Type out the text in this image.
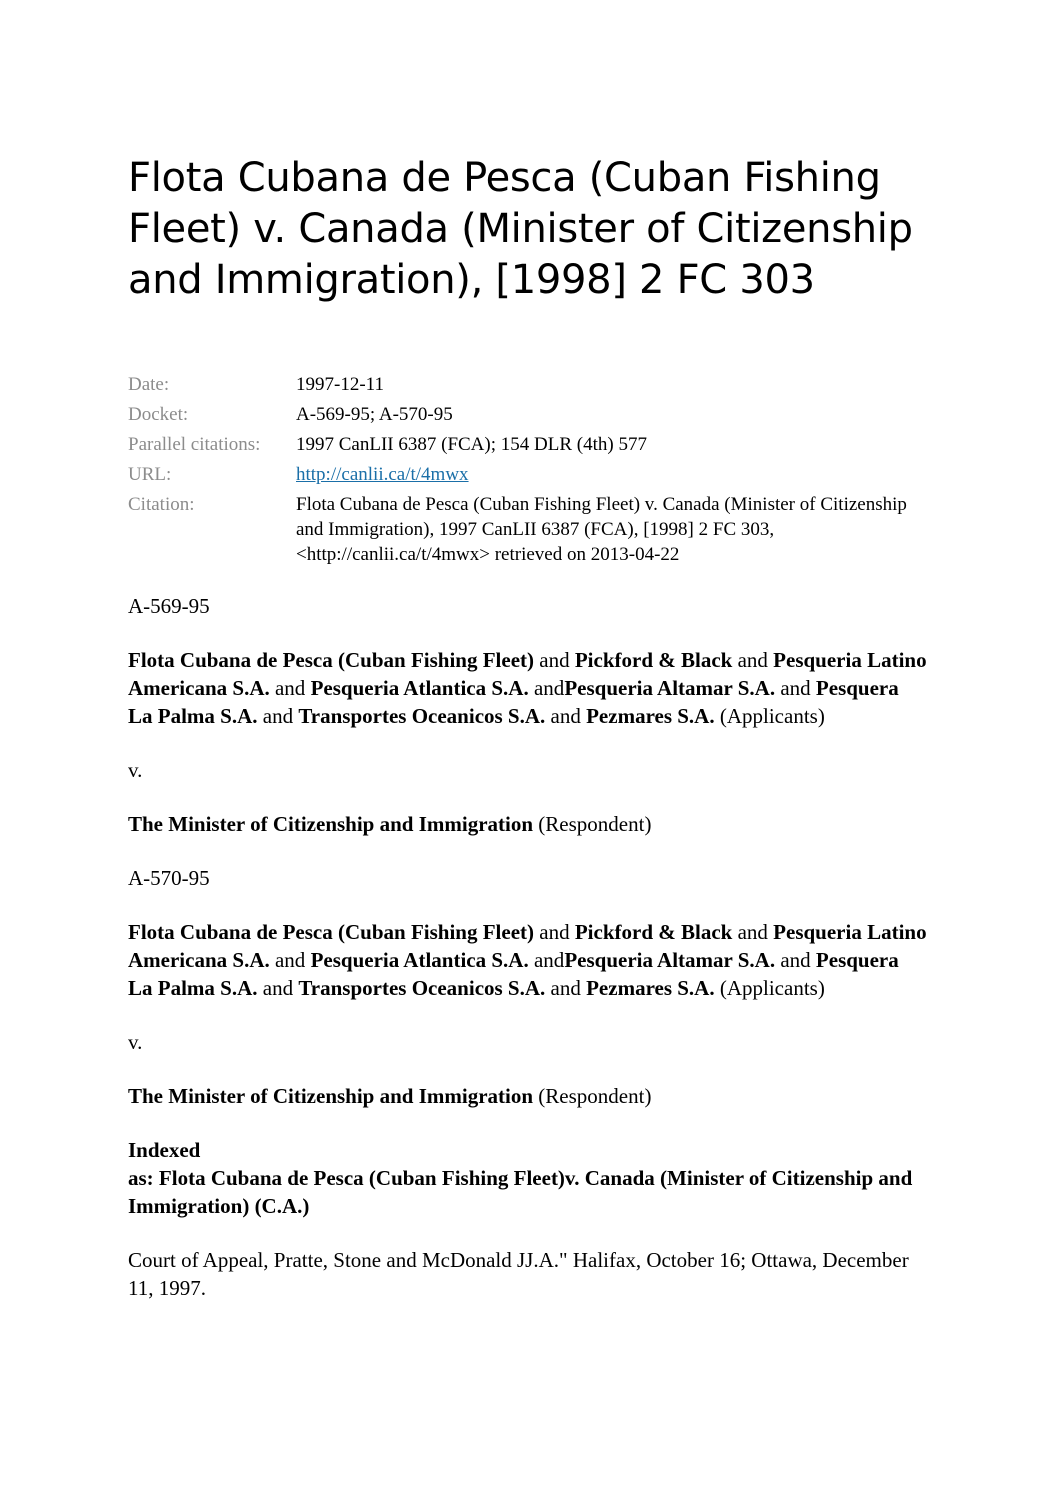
Flota Cubana de Pesca (Cuban Fishing Fleet) v. Canada (Minister of Citizenship and Immigration), [1998] 2 FC 303
Date:	1997-12-11
Docket:	A-569-95; A-570-95
Parallel citations:	1997 CanLII 6387 (FCA); 154 DLR (4th) 577
URL:	http://canlii.ca/t/4mwx
Citation:	Flota Cubana de Pesca (Cuban Fishing Fleet) v. Canada (Minister of Citizenship and Immigration), 1997 CanLII 6387 (FCA), [1998] 2 FC 303, <http://canlii.ca/t/4mwx> retrieved on 2013-04-22

A-569-95

Flota Cubana de Pesca (Cuban Fishing Fleet) and Pickford & Black and Pesqueria Latino Americana S.A. and Pesqueria Atlantica S.A. andPesqueria Altamar S.A. and Pesquera La Palma S.A. and Transportes Oceanicos S.A. and Pezmares S.A. (Applicants)

v.

The Minister of Citizenship and Immigration (Respondent)

A-570-95

Flota Cubana de Pesca (Cuban Fishing Fleet) and Pickford & Black and Pesqueria Latino Americana S.A. and Pesqueria Atlantica S.A. andPesqueria Altamar S.A. and Pesquera La Palma S.A. and Transportes Oceanicos S.A. and Pezmares S.A. (Applicants)

v.

The Minister of Citizenship and Immigration (Respondent)

Indexed
as: Flota Cubana de Pesca (Cuban Fishing Fleet)v. Canada (Minister of Citizenship and Immigration) (C.A.)

Court of Appeal, Pratte, Stone and McDonald JJ.A." Halifax, October 16; Ottawa, December 11, 1997.
